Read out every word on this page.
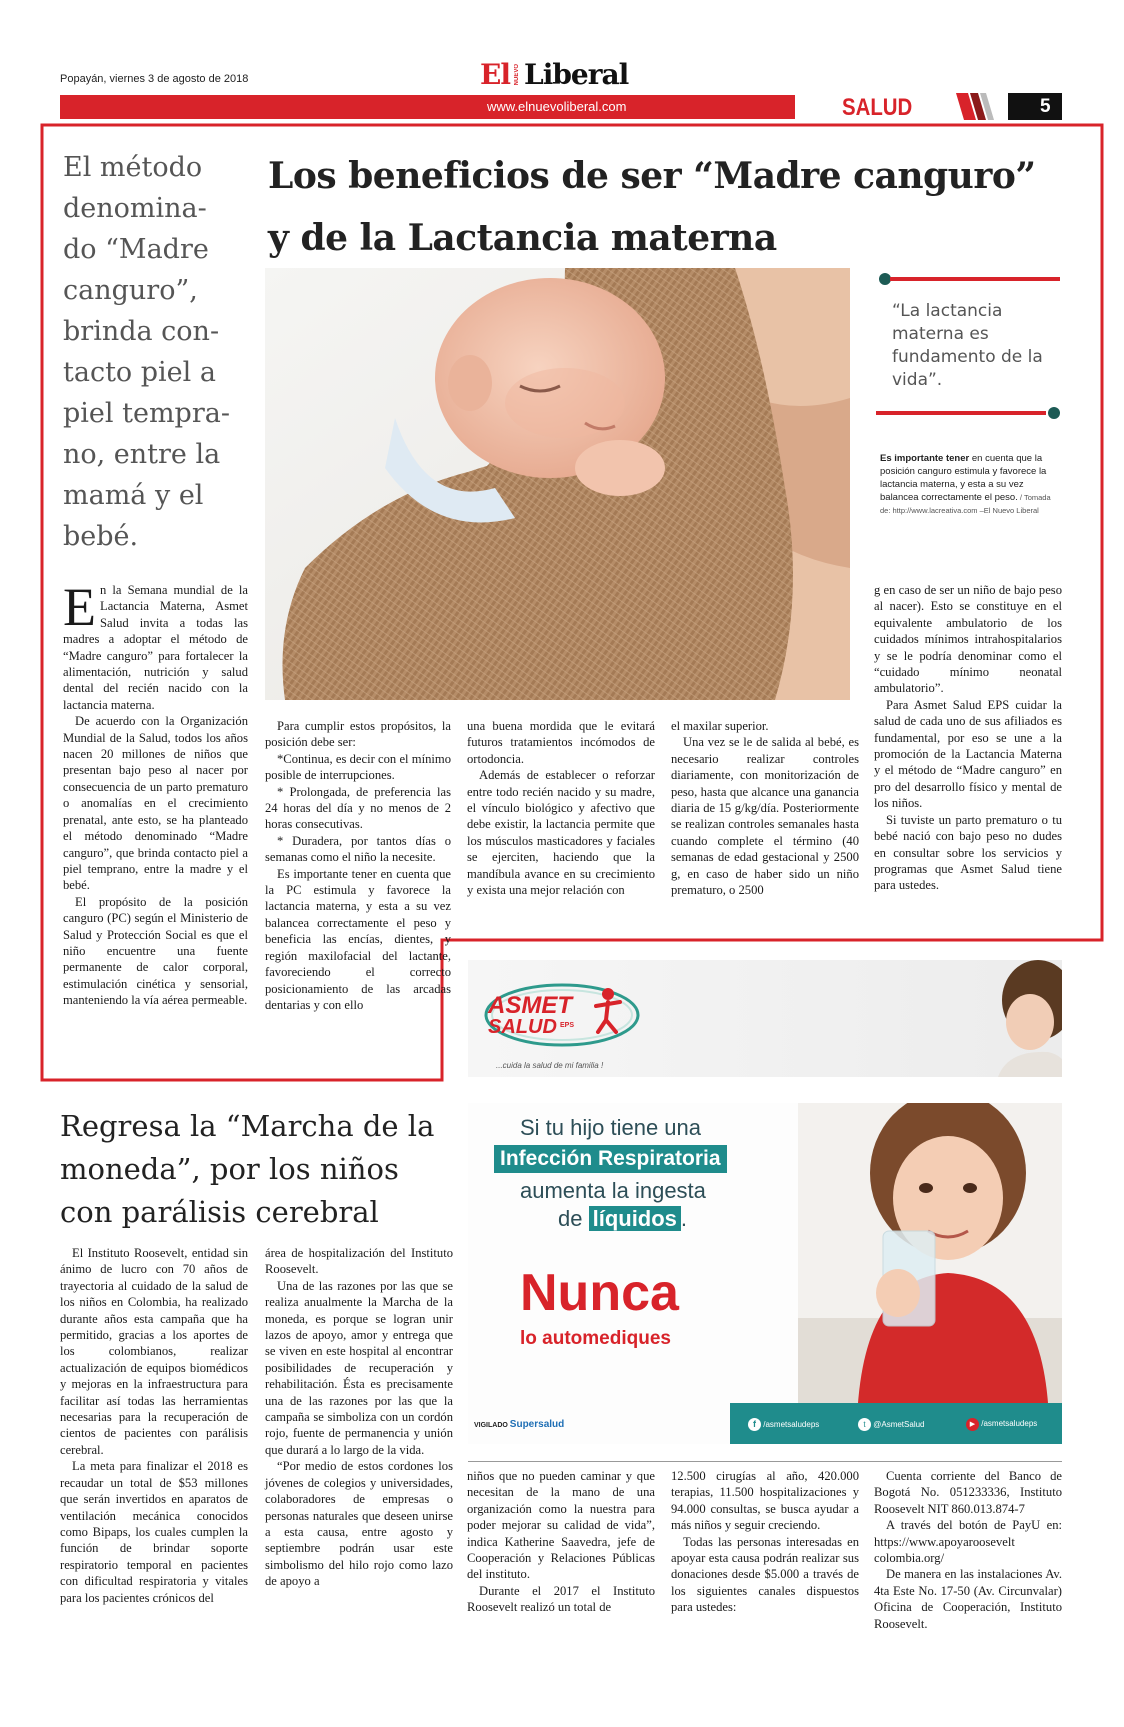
Popayán, viernes 3 de agosto de 2018	El NUEVO Liberal
www.elnuevoliberal.com	SALUD	5
El método denomina-do “Madre canguro”, brinda con-tacto piel a piel tempra-no, entre la mamá y el bebé.
Los beneficios de ser “Madre canguro”
y de la Lactancia materna
“La lactancia materna es fundamento de la vida”.
Es importante tener en cuenta que la posición canguro estimula y favorece la lactancia materna, y esta a su vez balancea correctamente el peso. / Tomada de: http://www.lacreativa.com –El Nuevo Liberal

En la Semana mundial de la Lactancia Materna, Asmet Salud invita a todas las madres a adoptar el método de “Madre canguro” para fortalecer la alimentación, nutrición y salud dental del recién nacido con la lactancia materna.

De acuerdo con la Organización Mundial de la Salud, todos los años nacen 20 millones de niños que presentan bajo peso al nacer por consecuencia de un parto prematuro o anomalías en el crecimiento prenatal, ante esto, se ha planteado el método denominado “Madre canguro”, que brinda contacto piel a piel temprano, entre la madre y el bebé.

El propósito de la posición canguro (PC) según el Ministerio de Salud y Protección Social es que el niño encuentre una fuente permanente de calor corporal, estimulación cinética y sensorial, manteniendo la vía aérea permeable.

Para cumplir estos propósitos, la posición debe ser:

*Continua, es decir con el mínimo posible de interrupciones.

* Prolongada, de preferencia las 24 horas del día y no menos de 2 horas consecutivas.

* Duradera, por tantos días o semanas como el niño la necesite.

Es importante tener en cuenta que la PC estimula y favorece la lactancia materna, y esta a su vez balancea correctamente el peso y beneficia las encías, dientes, y región maxilofacial del lactante, favoreciendo el correcto posicionamiento de las arcadas dentarias y con ello

una buena mordida que le evitará futuros tratamientos incómodos de ortodoncia.

Además de establecer o reforzar entre todo recién nacido y su madre, el vínculo biológico y afectivo que debe existir, la lactancia permite que los músculos masticadores y faciales se ejerciten, haciendo que la mandíbula avance en su crecimiento y exista una mejor relación con

el maxilar superior.

Una vez se le de salida al bebé, es necesario realizar controles diariamente, con monitorización de peso, hasta que alcance una ganancia diaria de 15 g/kg/día. Posteriormente se realizan controles semanales hasta cuando complete el término (40 semanas de edad gestacional y 2500 g, en caso de haber sido un niño prematuro, o 2500

g en caso de ser un niño de bajo peso al nacer). Esto se constituye en el equivalente ambulatorio de los cuidados mínimos intrahospitalarios y se le podría denominar como el “cuidado mínimo neonatal ambulatorio”.

Para Asmet Salud EPS cuidar la salud de cada uno de sus afiliados es fundamental, por eso se une a la promoción de la Lactancia Materna y el método de “Madre canguro” en pro del desarrollo físico y mental de los niños.

Si tuviste un parto prematuro o tu bebé nació con bajo peso no dudes en consultar sobre los servicios y programas que Asmet Salud tiene para ustedes.

ASMET
SALUD EPS
...cuida la salud de mi familia !
Si tu hijo tiene una
Infección Respiratoria
aumenta la ingesta
de líquidos .
Nunca
lo automediques
VIGILADO Supersalud	f /asmetsaludeps	t @AsmetSalud	▶ /asmetsaludeps
Regresa la “Marcha de la
moneda”, por los niños
con parálisis cerebral

El Instituto Roosevelt, entidad sin ánimo de lucro con 70 años de trayectoria al cuidado de la salud de los niños en Colombia, ha realizado durante años esta campaña que ha permitido, gracias a los aportes de los colombianos, realizar actualización de equipos biomédicos y mejoras en la infraestructura para facilitar así todas las herramientas necesarias para la recuperación de cientos de pacientes con parálisis cerebral.

La meta para finalizar el 2018 es recaudar un total de $53 millones que serán invertidos en aparatos de ventilación mecánica conocidos como Bipaps, los cuales cumplen la función de brindar soporte respiratorio temporal en pacientes con dificultad respiratoria y vitales para los pacientes crónicos del

área de hospitalización del Instituto Roosevelt.

Una de las razones por las que se realiza anualmente la Marcha de la moneda, es porque se logran unir lazos de apoyo, amor y entrega que se viven en este hospital al encontrar posibilidades de recuperación y rehabilitación. Ésta es precisamente una de las razones por las que la campaña se simboliza con un cordón rojo, fuente de permanencia y unión que durará a lo largo de la vida.

“Por medio de estos cordones los jóvenes de colegios y universidades, colaboradores de empresas o personas naturales que deseen unirse a esta causa, entre agosto y septiembre podrán usar este simbolismo del hilo rojo como lazo de apoyo a

niños que no pueden caminar y que necesitan de la mano de una organización como la nuestra para poder mejorar su calidad de vida”, indica Katherine Saavedra, jefe de Cooperación y Relaciones Públicas del instituto.

Durante el 2017 el Instituto Roosevelt realizó un total de

12.500 cirugías al año, 420.000 terapias, 11.500 hospitalizaciones y 94.000 consultas, se busca ayudar a más niños y seguir creciendo.

Todas las personas interesadas en apoyar esta causa podrán realizar sus donaciones desde $5.000 a través de los siguientes canales dispuestos para ustedes:

Cuenta corriente del Banco de Bogotá No. 051233336, Instituto Roosevelt NIT 860.013.874-7

A través del botón de PayU en: https://www.apoyaroosevelt colombia.org/

De manera en las instalaciones Av. 4ta Este No. 17-50 (Av. Circunvalar) Oficina de Cooperación, Instituto Roosevelt.
